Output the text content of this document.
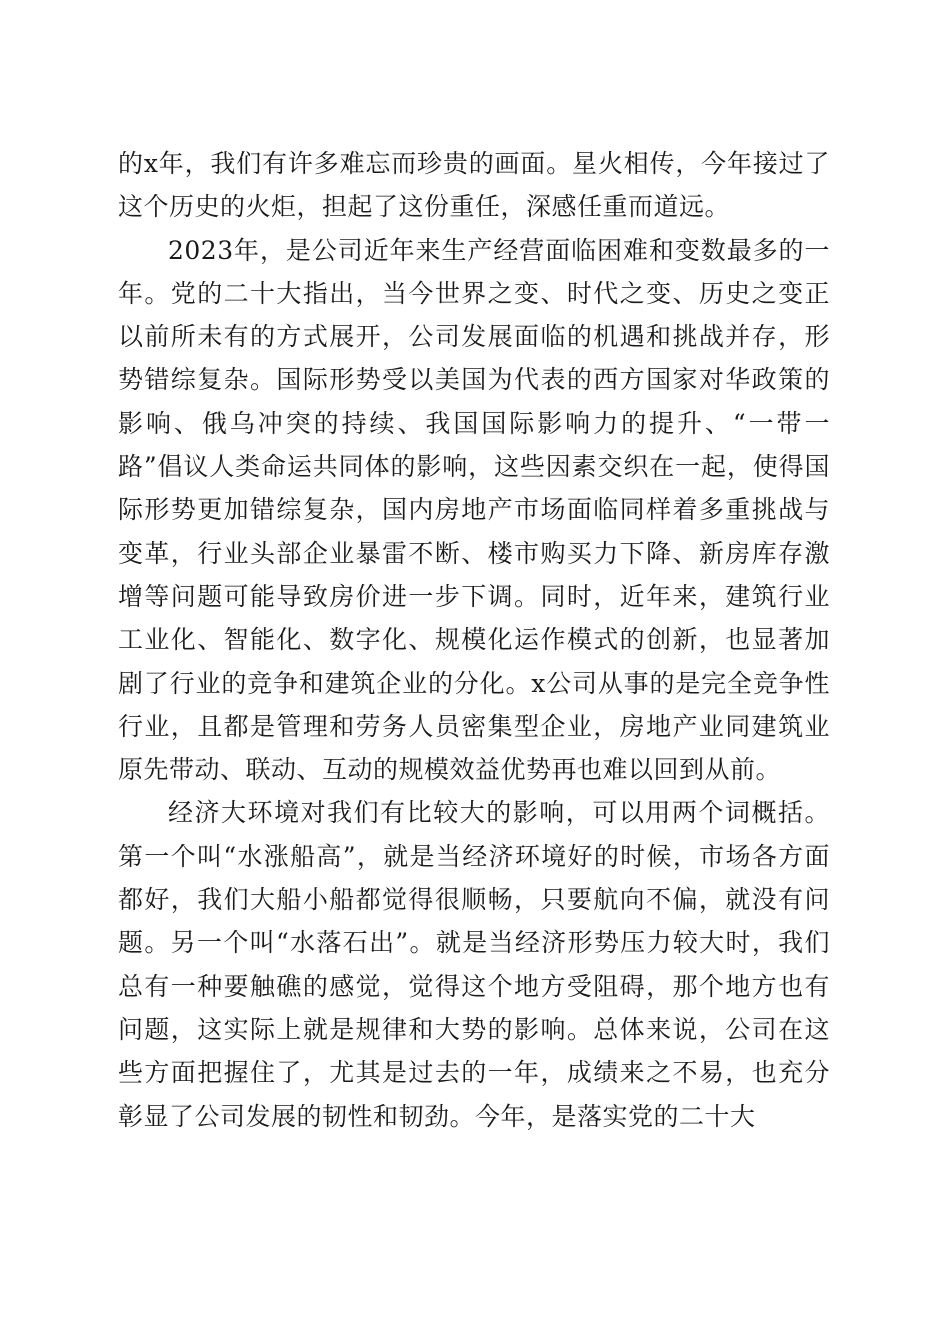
的x年，我们有许多难忘而珍贵的画面。星火相传，今年接过了这个历史的火炬，担起了这份重任，深感任重而道远。

2023年，是公司近年来生产经营面临困难和变数最多的一年。党的二十大指出，当今世界之变、时代之变、历史之变正以前所未有的方式展开，公司发展面临的机遇和挑战并存，形势错综复杂。国际形势受以美国为代表的西方国家对华政策的影响、俄乌冲突的持续、我国国际影响力的提升、“一带一路”倡议人类命运共同体的影响，这些因素交织在一起，使得国际形势更加错综复杂，国内房地产市场面临同样着多重挑战与变革，行业头部企业暴雷不断、楼市购买力下降、新房库存激增等问题可能导致房价进一步下调。同时，近年来，建筑行业工业化、智能化、数字化、规模化运作模式的创新，也显著加剧了行业的竞争和建筑企业的分化。x公司从事的是完全竞争性行业，且都是管理和劳务人员密集型企业，房地产业同建筑业原先带动、联动、互动的规模效益优势再也难以回到从前。

经济大环境对我们有比较大的影响，可以用两个词概括。第一个叫“水涨船高”，就是当经济环境好的时候，市场各方面都好，我们大船小船都觉得很顺畅，只要航向不偏，就没有问题。另一个叫“水落石出”。就是当经济形势压力较大时，我们总有一种要触礁的感觉，觉得这个地方受阻碍，那个地方也有问题，这实际上就是规律和大势的影响。总体来说，公司在这些方面把握住了，尤其是过去的一年，成绩来之不易，也充分彰显了公司发展的韧性和韧劲。今年，是落实党的二十大
